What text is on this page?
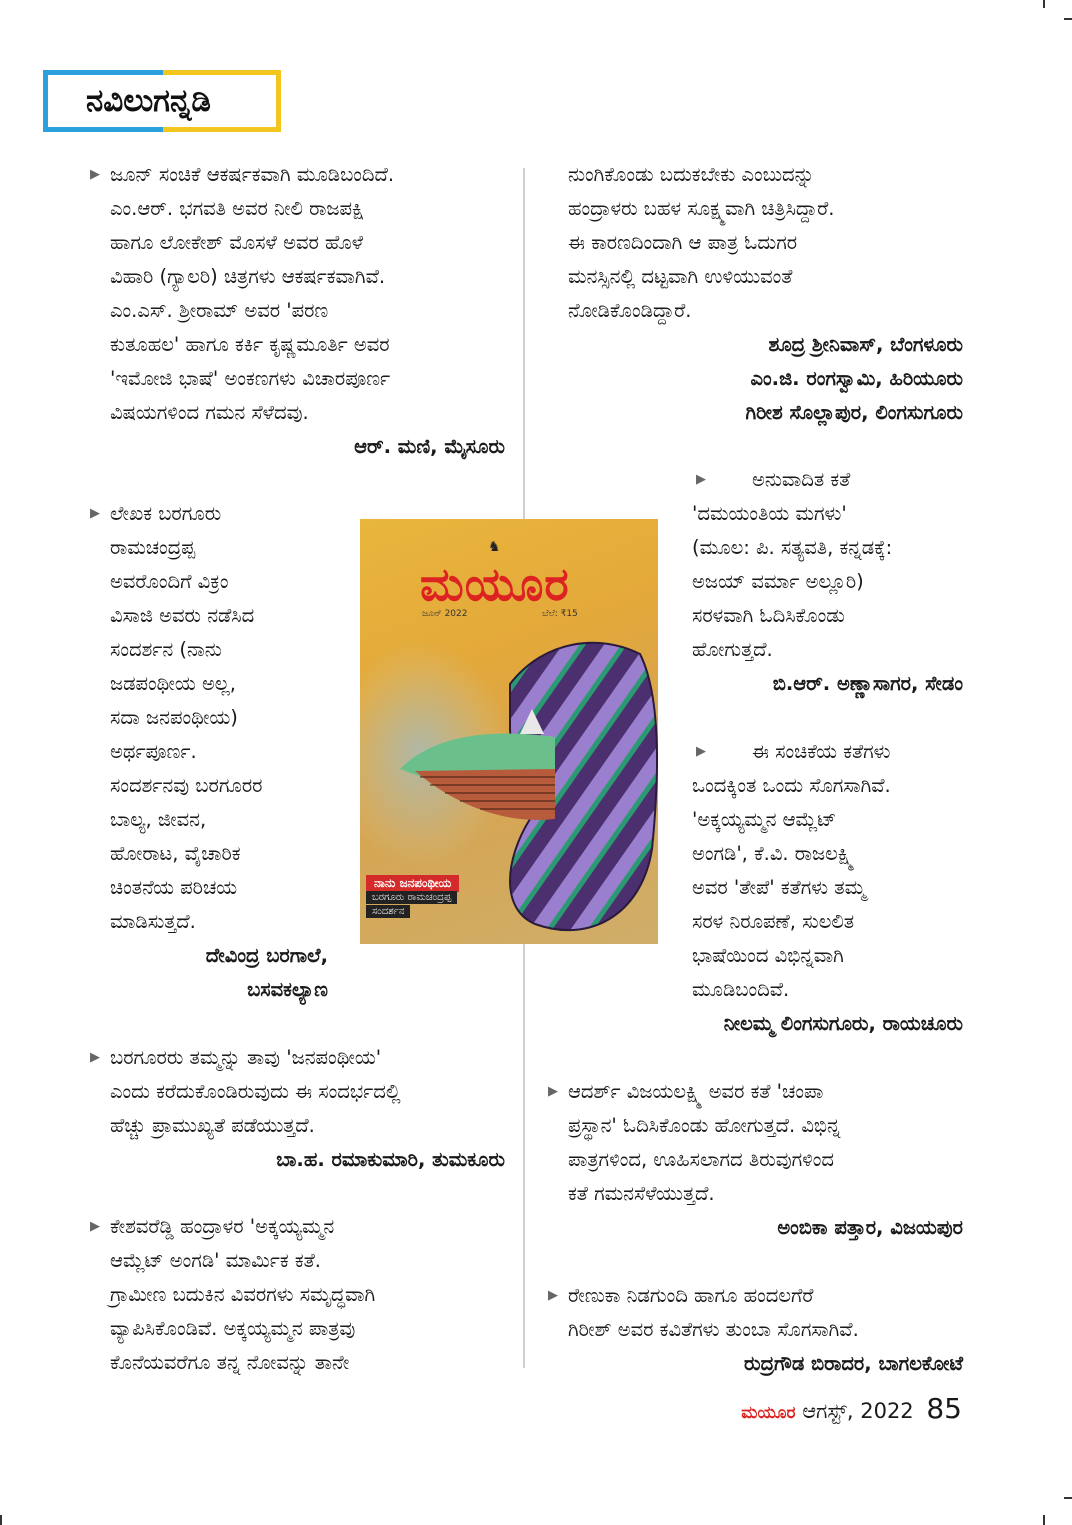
ನವಿಲುಗನ್ನಡಿ
▶ ಜೂನ್ ಸಂಚಿಕೆ ಆಕರ್ಷಕವಾಗಿ ಮೂಡಿಬಂದಿದೆ.
ಎಂ.ಆರ್. ಭಗವತಿ ಅವರ ನೀಲಿ ರಾಜಪಕ್ಷಿ
ಹಾಗೂ ಲೋಕೇಶ್ ಮೊಸಳೆ ಅವರ ಹೊಳೆ
ವಿಹಾರಿ (ಗ್ಯಾಲರಿ) ಚಿತ್ರಗಳು ಆಕರ್ಷಕವಾಗಿವೆ.
ಎಂ.ಎಸ್. ಶ್ರೀರಾಮ್ ಅವರ 'ಪರಣ
ಕುತೂಹಲ' ಹಾಗೂ ಕರ್ಕಿ ಕೃಷ್ಣಮೂರ್ತಿ ಅವರ
'ಇಮೋಜಿ ಭಾಷೆ' ಅಂಕಣಗಳು ವಿಚಾರಪೂರ್ಣ
ವಿಷಯಗಳಿಂದ ಗಮನ ಸೆಳೆದವು.
ಆರ್. ಮಣಿ, ಮೈಸೂರು
▶ ಲೇಖಕ ಬರಗೂರು
ರಾಮಚಂದ್ರಪ್ಪ
ಅವರೊಂದಿಗೆ ವಿಕ್ರಂ
ವಿಸಾಜಿ ಅವರು ನಡೆಸಿದ
ಸಂದರ್ಶನ (ನಾನು
ಜಡಪಂಥೀಯ ಅಲ್ಲ,
ಸದಾ ಜನಪಂಥೀಯ)
ಅರ್ಥಪೂರ್ಣ.
ಸಂದರ್ಶನವು ಬರಗೂರರ
ಬಾಲ್ಯ, ಜೀವನ,
ಹೋರಾಟ, ವೈಚಾರಿಕ
ಚಿಂತನೆಯ ಪರಿಚಯ
ಮಾಡಿಸುತ್ತದೆ.
ದೇವಿಂದ್ರ ಬರಗಾಲೆ,
ಬಸವಕಲ್ಯಾಣ
▶ ಬರಗೂರರು ತಮ್ಮನ್ನು ತಾವು 'ಜನಪಂಥೀಯ'
ಎಂದು ಕರೆದುಕೊಂಡಿರುವುದು ಈ ಸಂದರ್ಭದಲ್ಲಿ
ಹೆಚ್ಚು ಪ್ರಾಮುಖ್ಯತೆ ಪಡೆಯುತ್ತದೆ.
ಬಾ.ಹ. ರಮಾಕುಮಾರಿ, ತುಮಕೂರು
▶ ಕೇಶವರೆಡ್ಡಿ ಹಂದ್ರಾಳರ 'ಅಕ್ಕಯ್ಯಮ್ಮನ
ಆಮ್ಲೆಟ್ ಅಂಗಡಿ' ಮಾರ್ಮಿಕ ಕತೆ.
ಗ್ರಾಮೀಣ ಬದುಕಿನ ವಿವರಗಳು ಸಮೃದ್ಧವಾಗಿ
ವ್ಯಾಪಿಸಿಕೊಂಡಿವೆ. ಅಕ್ಕಯ್ಯಮ್ಮನ ಪಾತ್ರವು
ಕೊನೆಯವರೆಗೂ ತನ್ನ ನೋವನ್ನು ತಾನೇ
ನುಂಗಿಕೊಂಡು ಬದುಕಬೇಕು ಎಂಬುದನ್ನು
ಹಂದ್ರಾಳರು ಬಹಳ ಸೂಕ್ಷ್ಮವಾಗಿ ಚಿತ್ರಿಸಿದ್ದಾರೆ.
ಈ ಕಾರಣದಿಂದಾಗಿ ಆ ಪಾತ್ರ ಓದುಗರ
ಮನಸ್ಸಿನಲ್ಲಿ ದಟ್ಟವಾಗಿ ಉಳಿಯುವಂತೆ
ನೋಡಿಕೊಂಡಿದ್ದಾರೆ.
ಶೂದ್ರ ಶ್ರೀನಿವಾಸ್, ಬೆಂಗಳೂರು
ಎಂ.ಜಿ. ರಂಗಸ್ವಾಮಿ, ಹಿರಿಯೂರು
ಗಿರೀಶ ಸೊಲ್ಲಾಪುರ, ಲಿಂಗಸುಗೂರು
▶	ಅನುವಾದಿತ ಕತೆ
'ದಮಯಂತಿಯ ಮಗಳು'
(ಮೂಲ: ಪಿ. ಸತ್ಯವತಿ, ಕನ್ನಡಕ್ಕೆ:
ಅಜಯ್ ವರ್ಮಾ ಅಲ್ಲೂರಿ)
ಸರಳವಾಗಿ ಓದಿಸಿಕೊಂಡು
ಹೋಗುತ್ತದೆ.
ಬಿ.ಆರ್. ಅಣ್ಣಾಸಾಗರ, ಸೇಡಂ
▶	ಈ ಸಂಚಿಕೆಯ ಕತೆಗಳು
ಒಂದಕ್ಕಿಂತ ಒಂದು ಸೊಗಸಾಗಿವೆ.
'ಅಕ್ಕಯ್ಯಮ್ಮನ ಆಮ್ಲೆಟ್
ಅಂಗಡಿ', ಕೆ.ವಿ. ರಾಜಲಕ್ಷ್ಮಿ
ಅವರ 'ತೇಪೆ' ಕತೆಗಳು ತಮ್ಮ
ಸರಳ ನಿರೂಪಣೆ, ಸುಲಲಿತ
ಭಾಷೆಯಿಂದ ವಿಭಿನ್ನವಾಗಿ
ಮೂಡಿಬಂದಿವೆ.
ನೀಲಮ್ಮ ಲಿಂಗಸುಗೂರು, ರಾಯಚೂರು
▶ ಆದರ್ಶ್ ವಿಜಯಲಕ್ಷ್ಮಿ ಅವರ ಕತೆ 'ಚಂಪಾ
ಪ್ರಸ್ಥಾನ' ಓದಿಸಿಕೊಂಡು ಹೋಗುತ್ತದೆ. ವಿಭಿನ್ನ
ಪಾತ್ರಗಳಿಂದ, ಊಹಿಸಲಾಗದ ತಿರುವುಗಳಿಂದ
ಕತೆ ಗಮನಸೆಳೆಯುತ್ತದೆ.
ಅಂಬಿಕಾ ಪತ್ತಾರ, ವಿಜಯಪುರ
▶ ರೇಣುಕಾ ನಿಡಗುಂದಿ ಹಾಗೂ ಹಂದಲಗೆರೆ
ಗಿರೀಶ್ ಅವರ ಕವಿತೆಗಳು ತುಂಬಾ ಸೊಗಸಾಗಿವೆ.
ರುದ್ರಗೌಡ ಬಿರಾದರ, ಬಾಗಲಕೋಟೆ
♞
ಮಯೂರ
ಜೂನ್ 2022	ಬೆಲೆ: ₹15
ನಾನು ಜನಪಂಥೀಯ
ಬರಗೂರು ರಾಮಚಂದ್ರಪ್ಪ
ಸಂದರ್ಶನ
ಮಯೂರ ಆಗಸ್ಟ್, 2022 85
